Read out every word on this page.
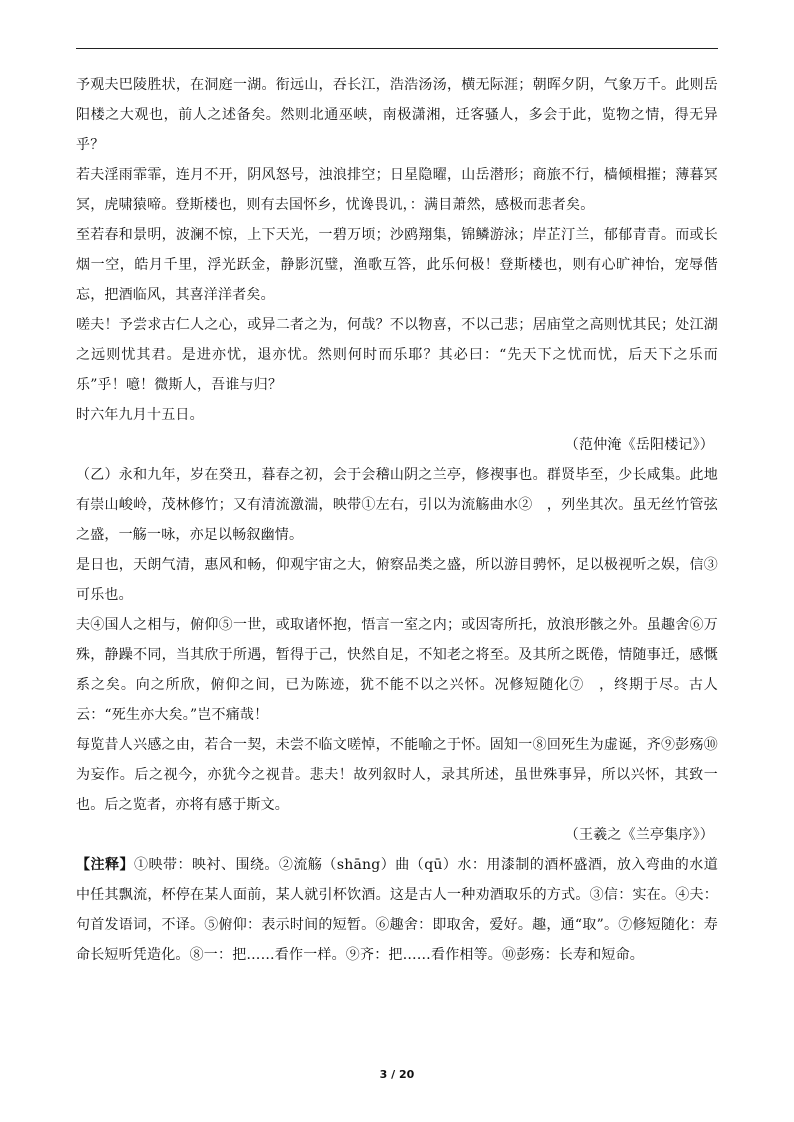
予观夫巴陵胜状，在洞庭一湖。衔远山，吞长江，浩浩汤汤，横无际涯；朝晖夕阴，气象万千。此则岳阳楼之大观也，前人之述备矣。然则北通巫峡，南极潇湘，迁客骚人，多会于此，览物之情，得无异乎？

若夫淫雨霏霏，连月不开，阴风怒号，浊浪排空；日星隐曜，山岳潜形；商旅不行，樯倾楫摧；薄暮冥冥，虎啸猿啼。登斯楼也，则有去国怀乡，忧谗畏讥，：满目萧然，感极而悲者矣。

至若春和景明，波澜不惊，上下天光，一碧万顷；沙鸥翔集，锦鳞游泳；岸芷汀兰，郁郁青青。而或长烟一空，皓月千里，浮光跃金，静影沉璧，渔歌互答，此乐何极！登斯楼也，则有心旷神怡，宠辱偕忘，把酒临风，其喜洋洋者矣。

嗟夫！予尝求古仁人之心，或异二者之为，何哉？不以物喜，不以己悲；居庙堂之高则忧其民；处江湖之远则忧其君。是进亦忧，退亦忧。然则何时而乐耶？其必曰：“先天下之忧而忧，后天下之乐而乐”乎！噫！微斯人，吾谁与归？

时六年九月十五日。

（范仲淹《岳阳楼记》）

（乙）永和九年，岁在癸丑，暮春之初，会于会稽山阴之兰亭，修禊事也。群贤毕至，少长咸集。此地有崇山峻岭，茂林修竹；又有清流激湍，映带①左右，引以为流觞曲水②　，列坐其次。虽无丝竹管弦之盛，一觞一咏，亦足以畅叙幽情。

是日也，天朗气清，惠风和畅，仰观宇宙之大，俯察品类之盛，所以游目骋怀，足以极视听之娱，信③可乐也。

夫④国人之相与，俯仰⑤一世，或取诸怀抱，悟言一室之内；或因寄所托，放浪形骸之外。虽趣舍⑥万殊，静躁不同，当其欣于所遇，暂得于己，快然自足，不知老之将至。及其所之既倦，情随事迁，感慨系之矣。向之所欣，俯仰之间，已为陈迹，犹不能不以之兴怀。况修短随化⑦　，终期于尽。古人云：“死生亦大矣。”岂不痛哉！

每览昔人兴感之由，若合一契，未尝不临文嗟悼，不能喻之于怀。固知一⑧回死生为虚诞，齐⑨彭殇⑩为妄作。后之视今，亦犹今之视昔。悲夫！故列叙时人，录其所述，虽世殊事异，所以兴怀，其致一也。后之览者，亦将有感于斯文。

（王羲之《兰亭集序》）

【注释】①映带：映衬、围绕。②流觞（shāng）曲（qū）水：用漆制的酒杯盛酒，放入弯曲的水道中任其飘流，杯停在某人面前，某人就引杯饮酒。这是古人一种劝酒取乐的方式。③信：实在。④夫：句首发语词，不译。⑤俯仰：表示时间的短暂。⑥趣舍：即取舍，爱好。趣，通“取”。⑦修短随化：寿命长短听凭造化。⑧一：把……看作一样。⑨齐：把……看作相等。⑩彭殇：长寿和短命。

3 / 20
